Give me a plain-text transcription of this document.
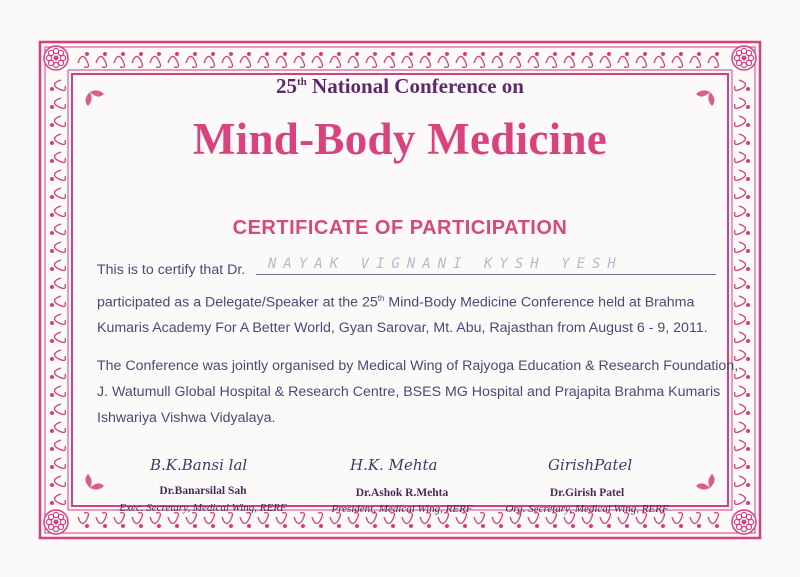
25th National Conference on
Mind-Body Medicine
CERTIFICATE OF PARTICIPATION
This is to certify that Dr. NAYAK VIGNANI KYSH YESH
participated as a Delegate/Speaker at the 25th Mind-Body Medicine Conference held at Brahma
Kumaris Academy For A Better World, Gyan Sarovar, Mt. Abu, Rajasthan from August 6 - 9, 2011.
The Conference was jointly organised by Medical Wing of Rajyoga Education & Research Foundation,
J. Watumull Global Hospital & Research Centre, BSES MG Hospital and Prajapita Brahma Kumaris
Ishwariya Vishwa Vidyalaya.
B.K.Bansi lal
Dr.Banarsilal Sah
Exec. Secretary, Medical Wing, RERF
H.K. Mehta
Dr.Ashok R.Mehta
President, Medical Wing, RERF
GirishPatel
Dr.Girish Patel
Org. Secretary, Medical Wing, RERF
